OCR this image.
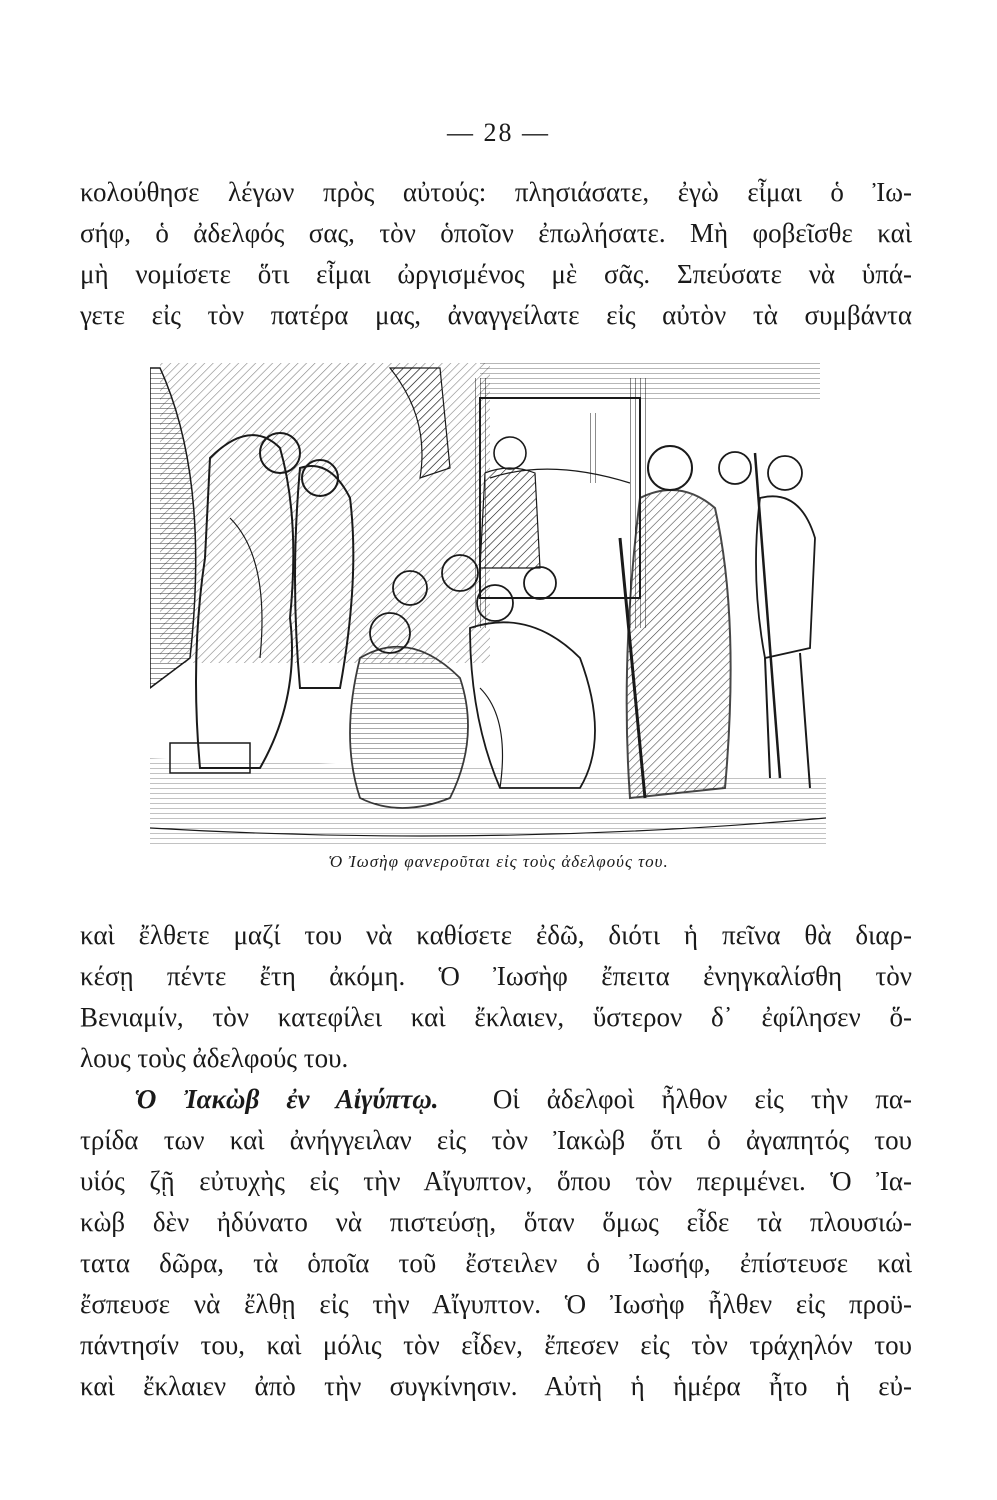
— 28 —
κολούθησε λέγων πρὸς αὐτούς: πλησιάσατε, ἐγὼ εἶμαι ὁ Ἰω-
σήφ, ὁ ἀδελφός σας, τὸν ὁποῖον ἐπωλήσατε. Μὴ φοβεῖσθε καὶ
μὴ νομίσετε ὅτι εἶμαι ὠργισμένος μὲ σᾶς. Σπεύσατε νὰ ὑπά-
γετε εἰς τὸν πατέρα μας, ἀναγγείλατε εἰς αὐτὸν τὰ συμβάντα
Ὁ Ἰωσὴφ φανεροῦται εἰς τοὺς ἀδελφούς του.
καὶ ἔλθετε μαζί του νὰ καθίσετε ἐδῶ, διότι ἡ πεῖνα θὰ διαρ-
κέσῃ πέντε ἔτη ἀκόμη. Ὁ Ἰωσὴφ ἔπειτα ἐνηγκαλίσθη τὸν
Βενιαμίν, τὸν κατεφίλει καὶ ἔκλαιεν, ὕστερον δ᾽ ἐφίλησεν ὅ-
λους τοὺς ἀδελφούς του.
Ὁ Ἰακὼβ ἐν Αἰγύπτῳ. Οἱ ἀδελφοὶ ἦλθον εἰς τὴν πα-
τρίδα των καὶ ἀνήγγειλαν εἰς τὸν Ἰακὼβ ὅτι ὁ ἀγαπητός του
υἱός ζῇ εὐτυχὴς εἰς τὴν Αἴγυπτον, ὅπου τὸν περιμένει. Ὁ Ἰα-
κὼβ δὲν ἠδύνατο νὰ πιστεύσῃ, ὅταν ὅμως εἶδε τὰ πλουσιώ-
τατα δῶρα, τὰ ὁποῖα τοῦ ἔστειλεν ὁ Ἰωσήφ, ἐπίστευσε καὶ
ἔσπευσε νὰ ἔλθῃ εἰς τὴν Αἴγυπτον. Ὁ Ἰωσὴφ ἦλθεν εἰς προϋ-
πάντησίν του, καὶ μόλις τὸν εἶδεν, ἔπεσεν εἰς τὸν τράχηλόν του
καὶ ἔκλαιεν ἀπὸ τὴν συγκίνησιν. Αὐτὴ ἡ ἡμέρα ἦτο ἡ εὐ-
